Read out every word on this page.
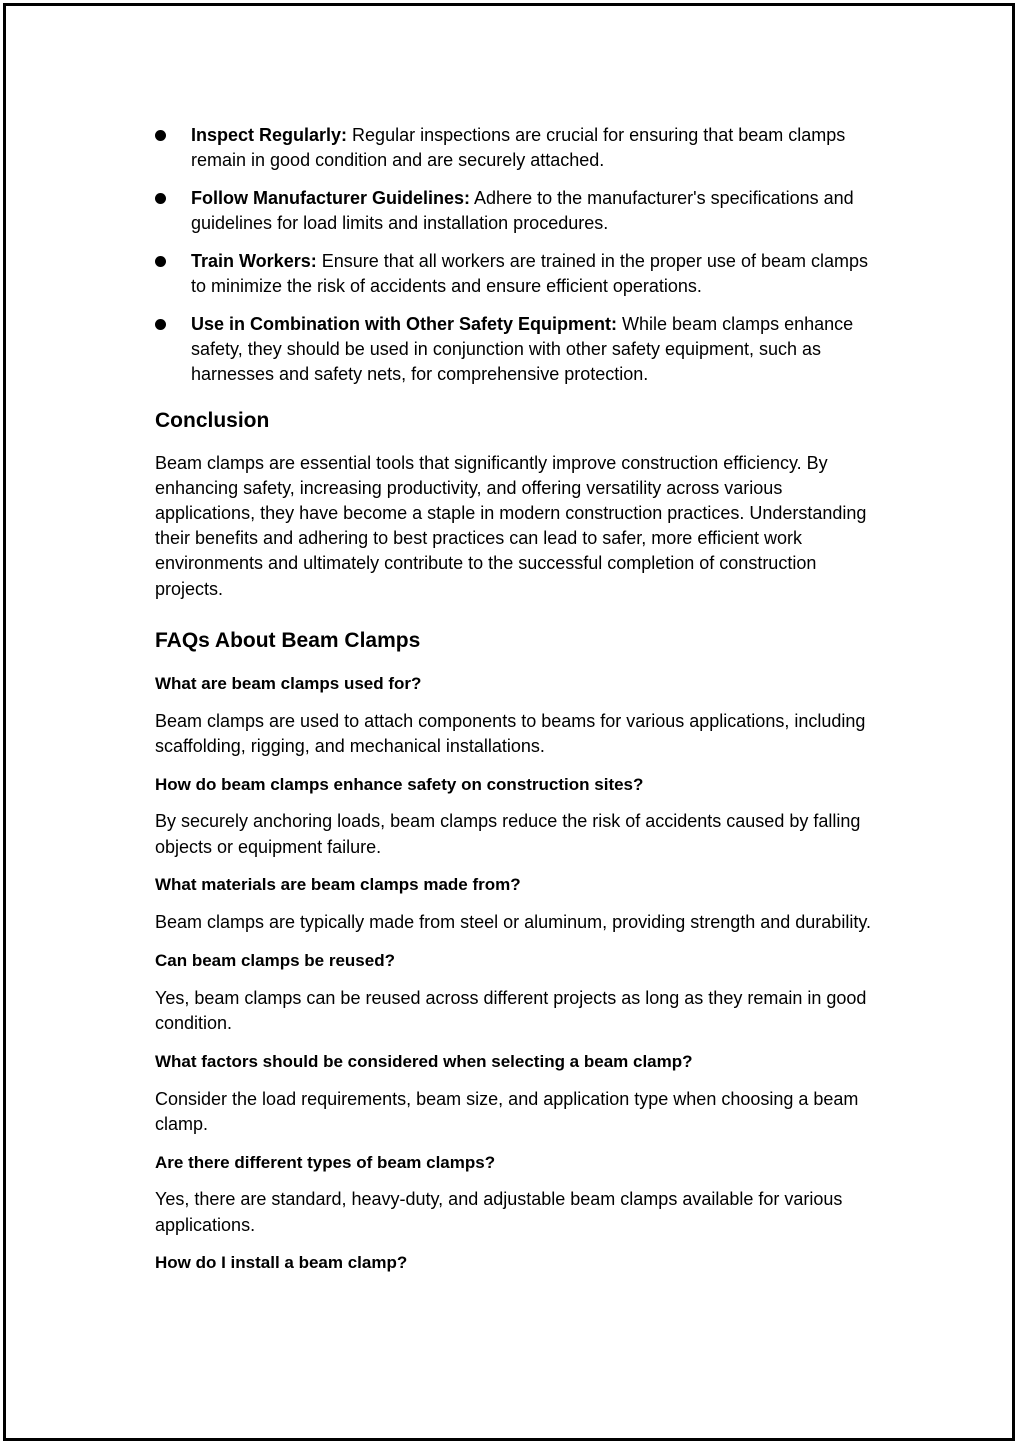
Inspect Regularly: Regular inspections are crucial for ensuring that beam clamps remain in good condition and are securely attached.
Follow Manufacturer Guidelines: Adhere to the manufacturer's specifications and guidelines for load limits and installation procedures.
Train Workers: Ensure that all workers are trained in the proper use of beam clamps to minimize the risk of accidents and ensure efficient operations.
Use in Combination with Other Safety Equipment: While beam clamps enhance safety, they should be used in conjunction with other safety equipment, such as harnesses and safety nets, for comprehensive protection.
Conclusion

Beam clamps are essential tools that significantly improve construction efficiency. By enhancing safety, increasing productivity, and offering versatility across various applications, they have become a staple in modern construction practices. Understanding their benefits and adhering to best practices can lead to safer, more efficient work environments and ultimately contribute to the successful completion of construction projects.

FAQs About Beam Clamps

What are beam clamps used for?

Beam clamps are used to attach components to beams for various applications, including scaffolding, rigging, and mechanical installations.

How do beam clamps enhance safety on construction sites?

By securely anchoring loads, beam clamps reduce the risk of accidents caused by falling objects or equipment failure.

What materials are beam clamps made from?

Beam clamps are typically made from steel or aluminum, providing strength and durability.

Can beam clamps be reused?

Yes, beam clamps can be reused across different projects as long as they remain in good condition.

What factors should be considered when selecting a beam clamp?

Consider the load requirements, beam size, and application type when choosing a beam clamp.

Are there different types of beam clamps?

Yes, there are standard, heavy-duty, and adjustable beam clamps available for various applications.

How do I install a beam clamp?
